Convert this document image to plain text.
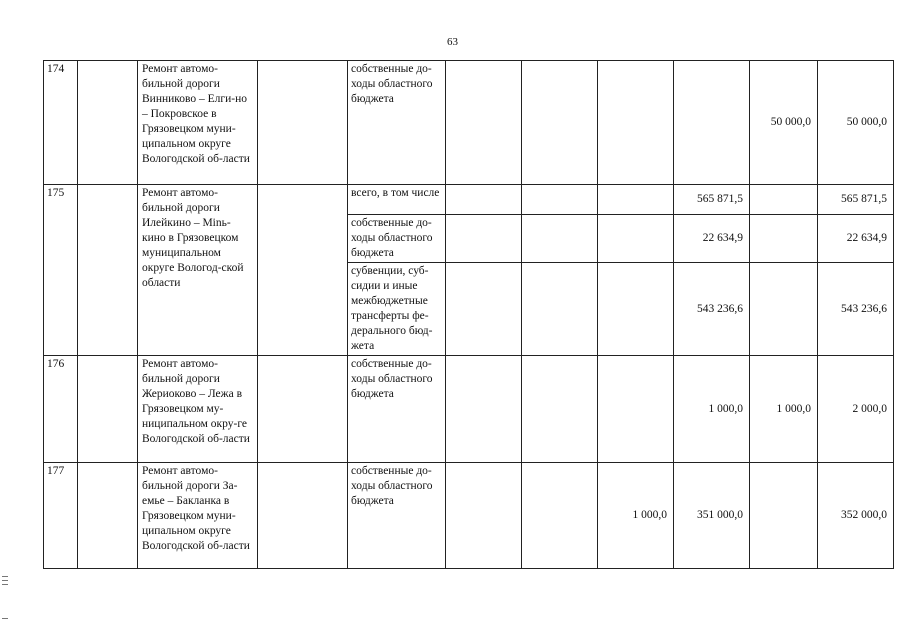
63
174		Ремонт автомо-бильной дороги Винниково – Елги-но – Покровское в Грязовецком муни-ципальном округе Вологодской об-ласти		собственные до-ходы областного бюджета					50 000,0	50 000,0
175		Ремонт автомо-бильной дороги Илейкино – Мinь-кино в Грязовецком муниципальном округе Вологод-ской области		всего, в том числе				565 871,5		565 871,5
				собственные до-ходы областного бюджета				22 634,9		22 634,9
				субвенции, суб-сидии и иные межбюджетные трансферты фе-дерального бюд-жета				543 236,6		543 236,6
176		Ремонт автомо-бильной дороги Жериоково – Лежа в Грязовецком му-ниципальном окру-ге Вологодской об-ласти		собственные до-ходы областного бюджета				1 000,0	1 000,0	2 000,0
177		Ремонт автомо-бильной дороги За-емье – Бакланка в Грязовецком муни-ципальном округе Вологодской об-ласти		собственные до-ходы областного бюджета			1 000,0	351 000,0		352 000,0
